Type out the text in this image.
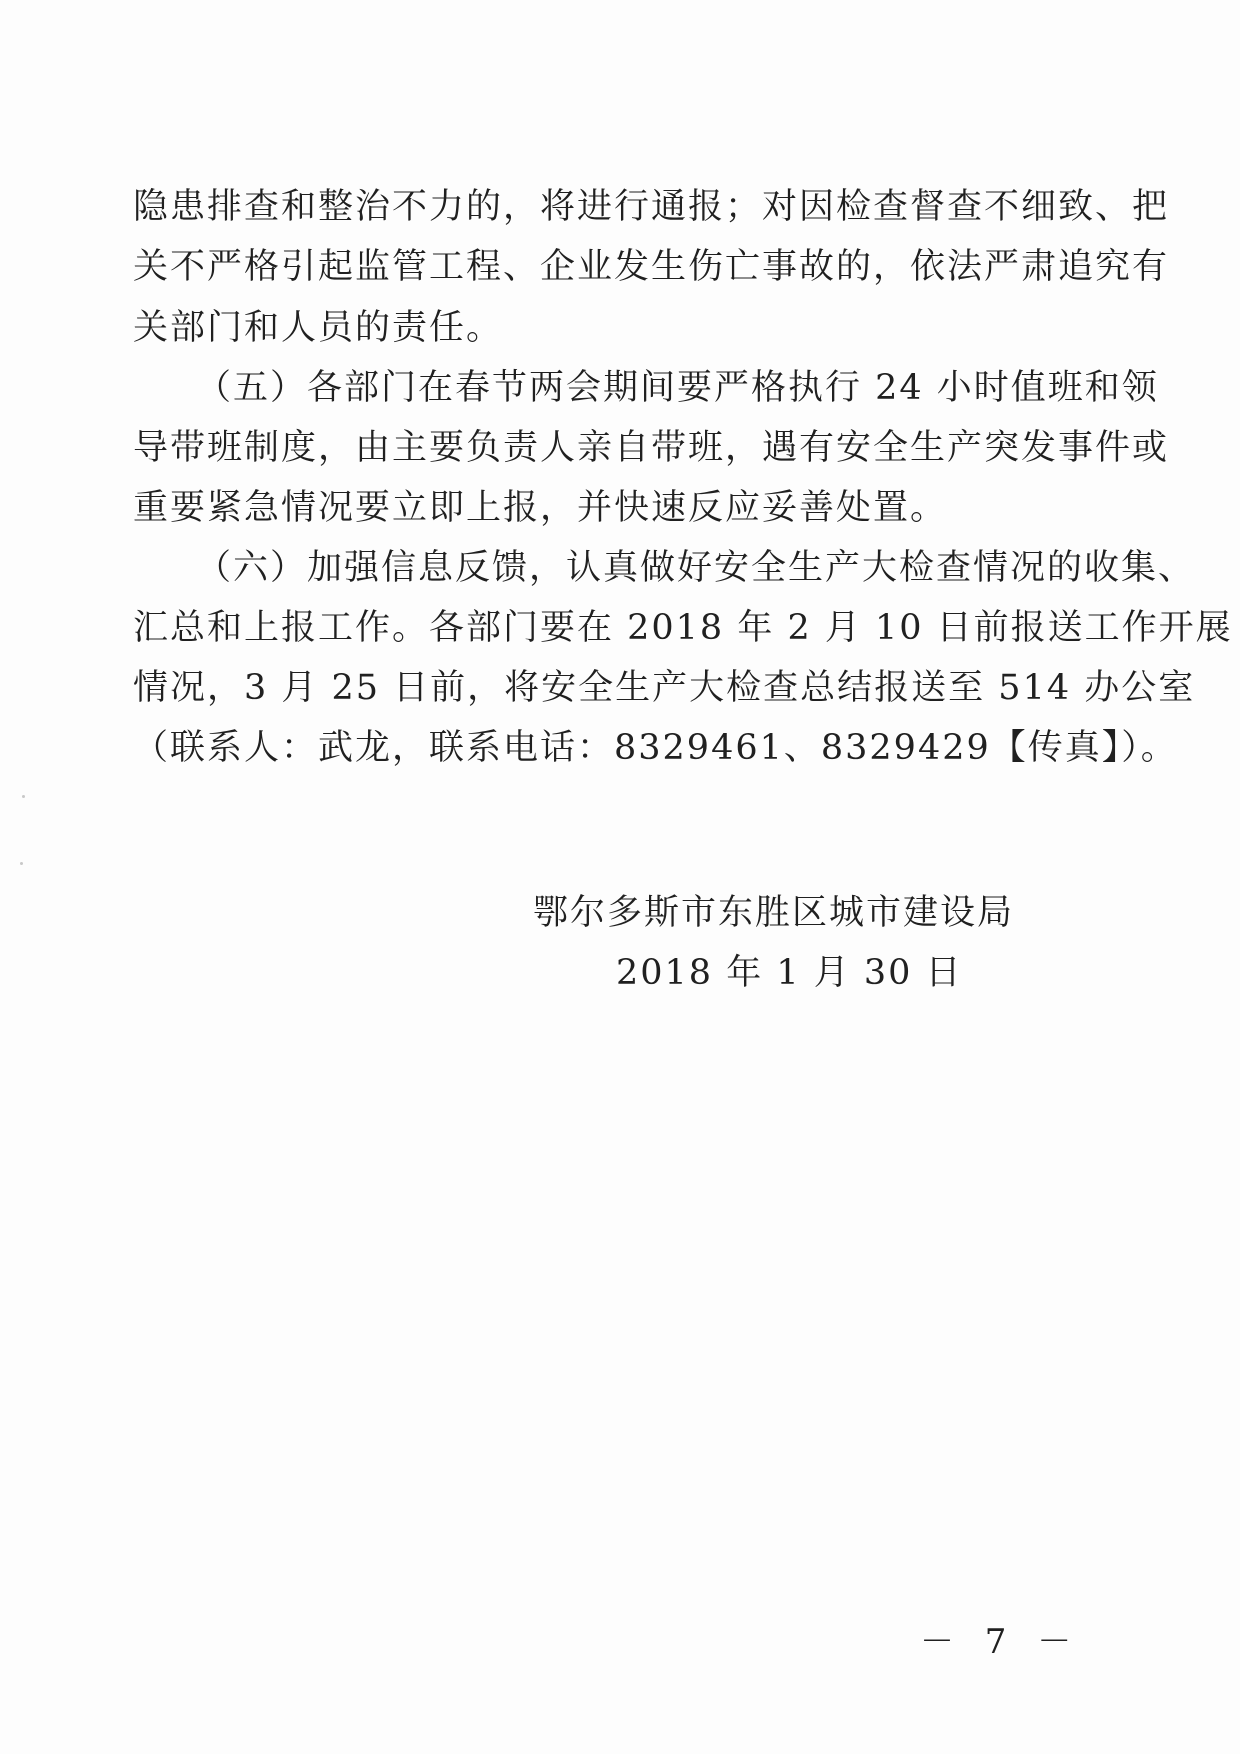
隐患排查和整治不力的，将进行通报；对因检查督查不细致、把
关不严格引起监管工程、企业发生伤亡事故的，依法严肃追究有
关部门和人员的责任。
（五）各部门在春节两会期间要严格执行 24 小时值班和领
导带班制度，由主要负责人亲自带班，遇有安全生产突发事件或
重要紧急情况要立即上报，并快速反应妥善处置。
（六）加强信息反馈，认真做好安全生产大检查情况的收集、
汇总和上报工作。各部门要在 2018 年 2 月 10 日前报送工作开展
情况，3 月 25 日前，将安全生产大检查总结报送至 514 办公室
（联系人：武龙，联系电话：8329461、8329429【传真】）。
鄂尔多斯市东胜区城市建设局
2018 年 1 月 30 日
－ 7 －
